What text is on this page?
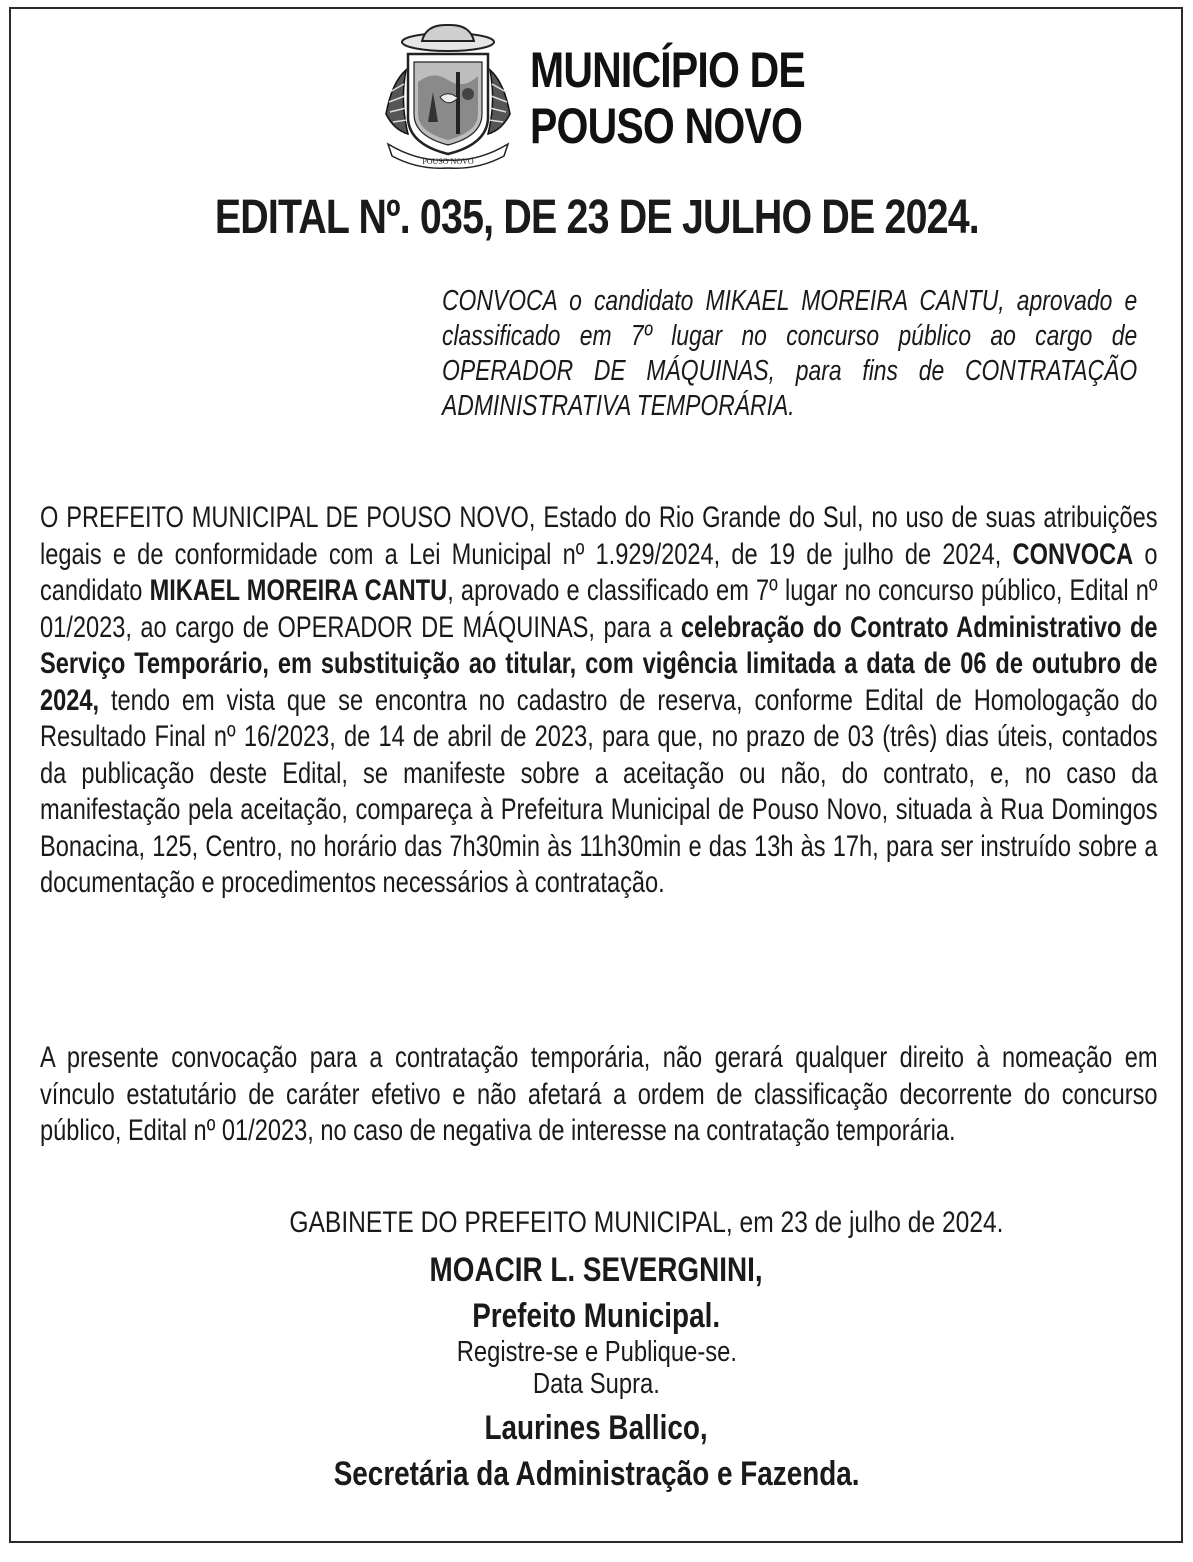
POUSO NOVO
MUNICÍPIO DE
POUSO NOVO
EDITAL Nº. 035, DE 23 DE JULHO DE 2024.
CONVOCA o candidato MIKAEL MOREIRA CANTU, aprovado e classificado em 7º lugar no concurso público ao cargo de OPERADOR DE MÁQUINAS, para fins de CONTRATAÇÃO ADMINISTRATIVA TEMPORÁRIA.
O PREFEITO MUNICIPAL DE POUSO NOVO, Estado do Rio Grande do Sul, no uso de suas atribuições legais e de conformidade com a Lei Municipal nº 1.929/2024, de 19 de julho de 2024, CONVOCA o candidato MIKAEL MOREIRA CANTU, aprovado e classificado em 7º lugar no concurso público, Edital nº 01/2023, ao cargo de OPERADOR DE MÁQUINAS, para a celebração do Contrato Administrativo de Serviço Temporário, em substituição ao titular, com vigência limitada a data de 06 de outubro de 2024, tendo em vista que se encontra no cadastro de reserva, conforme Edital de Homologação do Resultado Final nº 16/2023, de 14 de abril de 2023, para que, no prazo de 03 (três) dias úteis, contados da publicação deste Edital, se manifeste sobre a aceitação ou não, do contrato, e, no caso da manifestação pela aceitação, compareça à Prefeitura Municipal de Pouso Novo, situada à Rua Domingos Bonacina, 125, Centro, no horário das 7h30min às 11h30min e das 13h às 17h, para ser instruído sobre a documentação e procedimentos necessários à contratação.
A presente convocação para a contratação temporária, não gerará qualquer direito à nomeação em vínculo estatutário de caráter efetivo e não afetará a ordem de classificação decorrente do concurso público, Edital nº 01/2023, no caso de negativa de interesse na contratação temporária.
GABINETE DO PREFEITO MUNICIPAL, em 23 de julho de 2024.
MOACIR L. SEVERGNINI,
Prefeito Municipal.
Registre-se e Publique-se.
Data Supra.
Laurines Ballico,
Secretária da Administração e Fazenda.
